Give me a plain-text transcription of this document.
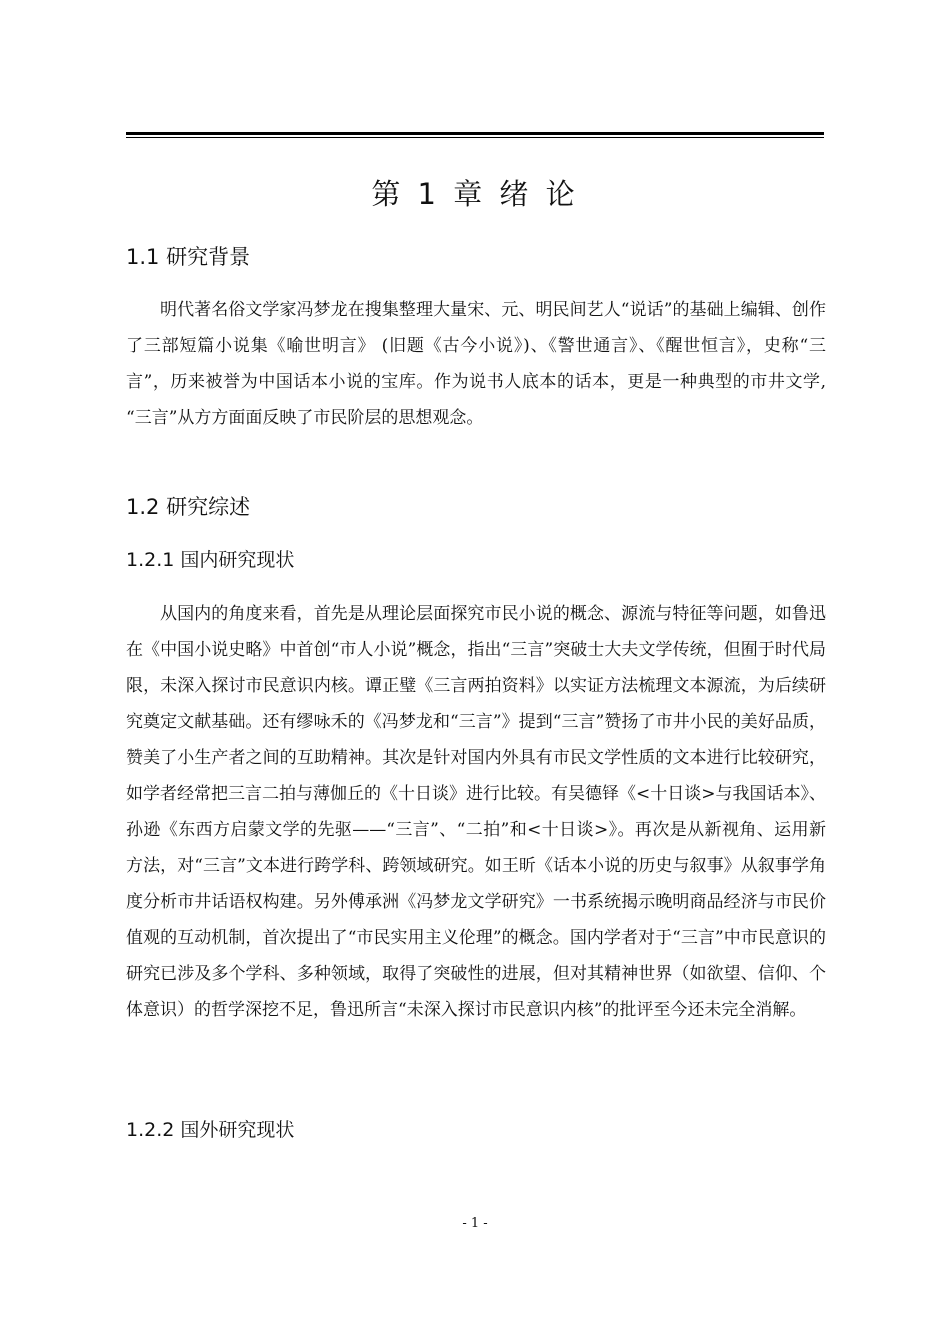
第 1 章 绪 论
1.1 研究背景

明代著名俗文学家冯梦龙在搜集整理大量宋、元、明民间艺人“说话”的基础上编辑、创作了三部短篇小说集《喻世明言》 (旧题《古今小说》)、《警世通言》、《醒世恒言》，史称“三言”，历来被誉为中国话本小说的宝库。作为说书人底本的话本，更是一种典型的市井文学, “三言”从方方面面反映了市民阶层的思想观念。

1.2 研究综述
1.2.1 国内研究现状

从国内的角度来看，首先是从理论层面探究市民小说的概念、源流与特征等问题，如鲁迅在《中国小说史略》中首创“市人小说”概念，指出“三言”突破士大夫文学传统，但囿于时代局限，未深入探讨市民意识内核。谭正璧《三言两拍资料》以实证方法梳理文本源流，为后续研究奠定文献基础。还有缪咏禾的《冯梦龙和“三言”》提到“三言”赞扬了市井小民的美好品质，赞美了小生产者之间的互助精神。其次是针对国内外具有市民文学性质的文本进行比较研究，如学者经常把三言二拍与薄伽丘的《十日谈》进行比较。有吴德铎《<十日谈>与我国话本》、孙逊《东西方启蒙文学的先驱——“三言”、“二拍”和<十日谈>》。再次是从新视角、运用新方法，对“三言”文本进行跨学科、跨领域研究。如王昕《话本小说的历史与叙事》从叙事学角度分析市井话语权构建。另外傅承洲《冯梦龙文学研究》一书系统揭示晚明商品经济与市民价值观的互动机制，首次提出了“市民实用主义伦理”的概念。国内学者对于“三言”中市民意识的研究已涉及多个学科、多种领域，取得了突破性的进展，但对其精神世界（如欲望、信仰、个体意识）的哲学深挖不足，鲁迅所言“未深入探讨市民意识内核”的批评至今还未完全消解。

1.2.2 国外研究现状
- 1 -
